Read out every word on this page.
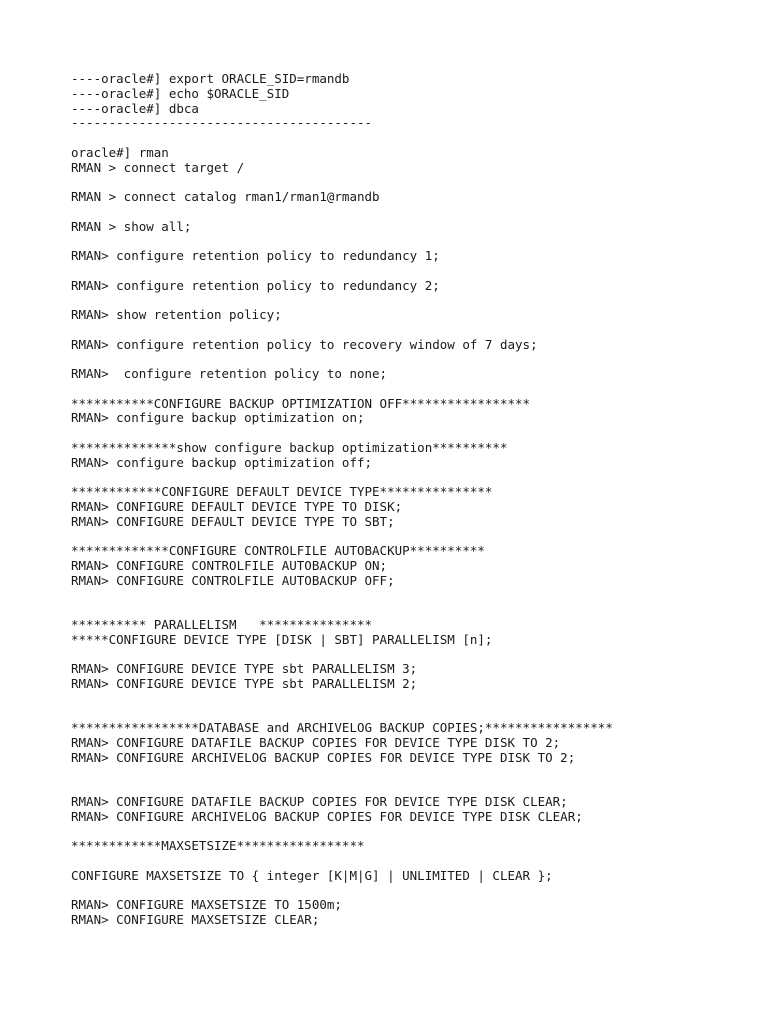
----oracle#] export ORACLE_SID=rmandb
----oracle#] echo $ORACLE_SID
----oracle#] dbca
----------------------------------------
oracle#] rman
RMAN > connect target /
RMAN > connect catalog rman1/rman1@rmandb
RMAN > show all;
RMAN> configure retention policy to redundancy 1;
RMAN> configure retention policy to redundancy 2;
RMAN> show retention policy;
RMAN> configure retention policy to recovery window of 7 days;
RMAN>  configure retention policy to none;
***********CONFIGURE BACKUP OPTIMIZATION OFF*****************
RMAN> configure backup optimization on;
**************show configure backup optimization**********
RMAN> configure backup optimization off;
************CONFIGURE DEFAULT DEVICE TYPE***************
RMAN> CONFIGURE DEFAULT DEVICE TYPE TO DISK;
RMAN> CONFIGURE DEFAULT DEVICE TYPE TO SBT;
*************CONFIGURE CONTROLFILE AUTOBACKUP**********
RMAN> CONFIGURE CONTROLFILE AUTOBACKUP ON;
RMAN> CONFIGURE CONTROLFILE AUTOBACKUP OFF;
********** PARALLELISM   ***************
*****CONFIGURE DEVICE TYPE [DISK | SBT] PARALLELISM [n];
RMAN> CONFIGURE DEVICE TYPE sbt PARALLELISM 3;
RMAN> CONFIGURE DEVICE TYPE sbt PARALLELISM 2;
*****************DATABASE and ARCHIVELOG BACKUP COPIES;*****************
RMAN> CONFIGURE DATAFILE BACKUP COPIES FOR DEVICE TYPE DISK TO 2;
RMAN> CONFIGURE ARCHIVELOG BACKUP COPIES FOR DEVICE TYPE DISK TO 2;
RMAN> CONFIGURE DATAFILE BACKUP COPIES FOR DEVICE TYPE DISK CLEAR;
RMAN> CONFIGURE ARCHIVELOG BACKUP COPIES FOR DEVICE TYPE DISK CLEAR;
************MAXSETSIZE*****************
CONFIGURE MAXSETSIZE TO { integer [K|M|G] | UNLIMITED | CLEAR };
RMAN> CONFIGURE MAXSETSIZE TO 1500m;
RMAN> CONFIGURE MAXSETSIZE CLEAR;
